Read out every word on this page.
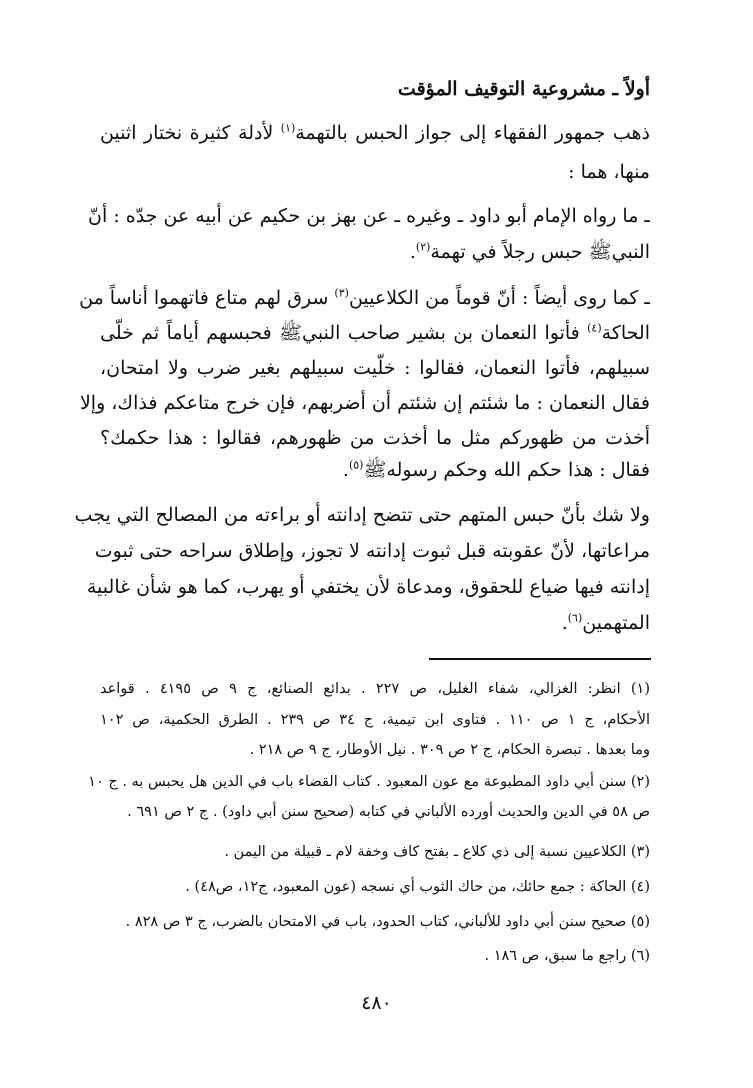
أولاً ـ مشروعية التوقيف المؤقت
ذهب جمهور الفقهاء إلى جواز الحبس بالتهمة$^{(١)}$ لأدلة كثيرة نختار اثنين
منها، هما :
ـ ما رواه الإمام أبو داود ـ وغيره ـ عن بهز بن حكيم عن أبيه عن جدّه : أنّ
النبيﷺ حبس رجلاً في تهمة$^{(٢)}$.
ـ كما روى أيضاً : أنّ قوماً من الكلاعيين$^{(٣)}$ سرق لهم متاع فاتهموا أناساً من
الحاكة$^{(٤)}$ فأتوا النعمان بن بشير صاحب النبيﷺ فحبسهم أياماً ثم خلّى
سبيلهم، فأتوا النعمان، فقالوا : خلّيت سبيلهم بغير ضرب ولا امتحان،
فقال النعمان : ما شئتم إن شئتم أن أضربهم، فإن خرج متاعكم فذاك، وإلا
أخذت من ظهوركم مثل ما أخذت من ظهورهم، فقالوا : هذا حكمك؟
فقال : هذا حكم الله وحكم رسولهﷺ$^{(٥)}$.
ولا شك بأنّ حبس المتهم حتى تتضح إدانته أو براءته من المصالح التي يجب
مراعاتها، لأنّ عقوبته قبل ثبوت إدانته لا تجوز، وإطلاق سراحه حتى ثبوت
إدانته فيها ضياع للحقوق، ومدعاة لأن يختفي أو يهرب، كما هو شأن غالبية
المتهمين$^{(٦)}$.
(١) انظر: الغزالي، شفاء الغليل، ص ٢٢٧ . بدائع الصنائع، ج ٩ ص ٤١٩٥ . قواعد
الأحكام، ج ١ ص ١١٠ . فتاوى ابن تيمية، ج ٣٤ ص ٢٣٩ . الطرق الحكمية، ص ١٠٢
وما بعدها . تبصرة الحكام، ج ٢ ص ٣٠٩ . نيل الأوطار، ج ٩ ص ٢١٨ .
(٢) سنن أبي داود المطبوعة مع عون المعبود . كتاب القضاء باب في الدين هل يحبس به . ج ١٠
ص ٥٨ في الدين والحديث أورده الألباني في كتابه (صحيح سنن أبي داود) . ج ٢ ص ٦٩١ .
(٣) الكلاعيين نسبة إلى ذي كلاع ـ بفتح كاف وخفة لام ـ قبيلة من اليمن .
(٤) الحاكة : جمع حائك، من حاك الثوب أي نسجه (عون المعبود، ج١٢، ص٤٨) .
(٥) صحيح سنن أبي داود للألباني، كتاب الحدود، باب في الامتحان بالضرب، ج ٣ ص ٨٢٨ .
(٦) راجع ما سبق، ص ١٨٦ .
٤٨٠
